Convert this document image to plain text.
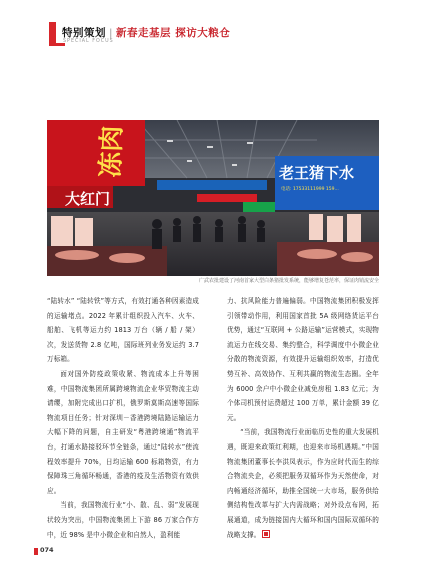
特别策划 | 新春走基层 探访大粮仓
SPECIAL FOCUS
冻肉
大红门
老王猪下水
电话: 17533111999 159...
广武农批建设了河南首家大型白条猪批发系统，能够增复苍范率，保证肉销流安全

“陆转水” “陆转铁”等方式，有效打通各种因素造成的运输堵点。2022 年累计组织投入汽车、火车、船舶、飞机等运力约 1813 万台（辆 / 船 / 架）次，发送货物 2.8 亿吨，国际班列业务发运约 3.7 万标箱。

面对国外防疫政策收紧、物流成本上升等困难，中国物流集团所属跨境物流企业华贸物流主动请缨，加附完成出口扩机，俄罗斯莫斯高速等国际物流项目任务；针对深圳－香港跨境陆路运输运力大幅下降的问题，自主研发“粤港跨境通”物流平台，打通水路接驳环节全链条，通过“陆转水”使流程效率提升 70%，日均运输 600 标箱物资，有力保障珠三角循环畅通，香港的疫及生活物资有效供应。

当前，我国物流行业“小、散、乱、弱”发展现状较为突出，中国物流集团上下游 86 万家合作方中，近 98% 是中小微企业和自然人，盈利能

力、抗风险能力普遍偏弱。中国物流集团积极发挥引领带动作用，利用国家首批 5A 级网络货运平台优势，通过“互联网 + 公路运输”运营模式，实现物流运力在线交易、集约整合，科学调度中小微企业分散的物流资源，有效提升运输组织效率，打造优势互补、高效协作、互利共赢的物流生态圈。全年为 6000 余户中小微企业减免房租 1.83 亿元；为个体司机预付运费超过 100 万单，累计金额 39 亿元。

“当前，我国物流行业面临历史性的重大发展机遇，既迎来政策红利期，也迎来市场机遇期。”中国物流集团董事长李洪凤表示，作为应时代而生的综合物流央企，必须把服务双循环作为天然使命，对内畅通经济循环，助推全国统一大市场，服务供给侧结构性改革与扩大内需战略；对外设点布网，拓展通道，成为链接国内大循环和国内国际双循环的战略支撑。

074
